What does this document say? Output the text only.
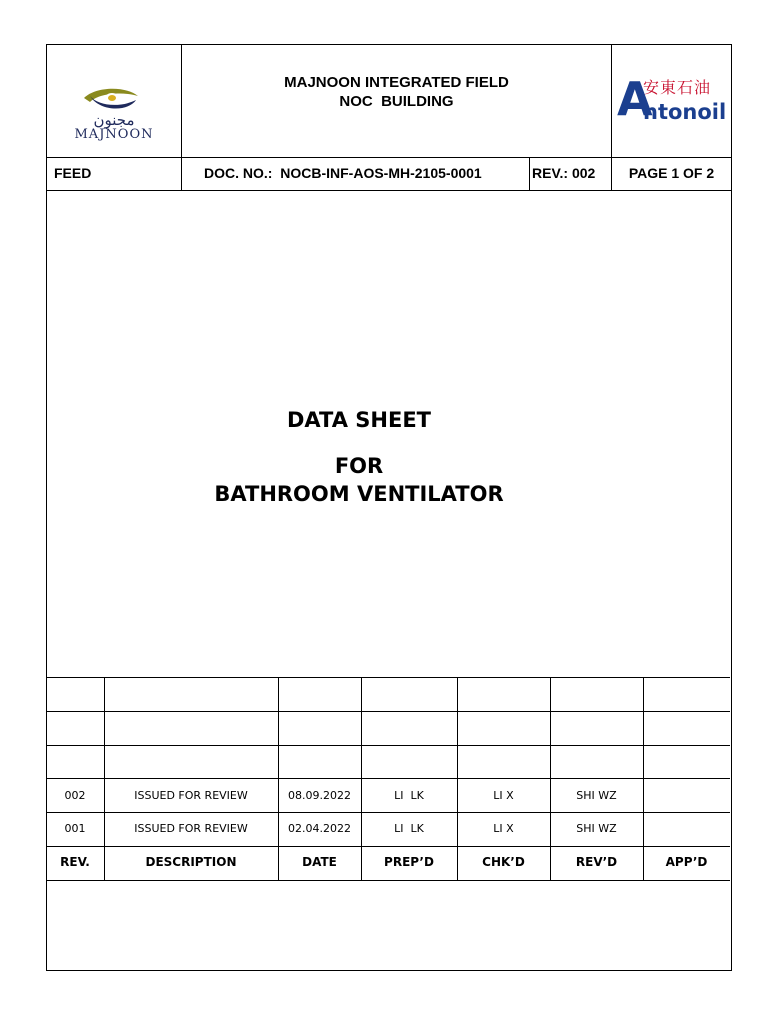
مجنون
MAJNOON
MAJNOON INTEGRATED FIELD
NOC  BUILDING
安東石油
A
ntonoil
FEED	DOC. NO.: NOCB-INF-AOS-MH-2105-0001	REV.: 002	PAGE 1 OF 2
DATA SHEET
FOR
BATHROOM VENTILATOR
002	ISSUED FOR REVIEW	08.09.2022	LI  LK	LI X	SHI WZ
001	ISSUED FOR REVIEW	02.04.2022	LI  LK	LI X	SHI WZ
REV.	DESCRIPTION	DATE	PREP’D	CHK’D	REV’D	APP’D
